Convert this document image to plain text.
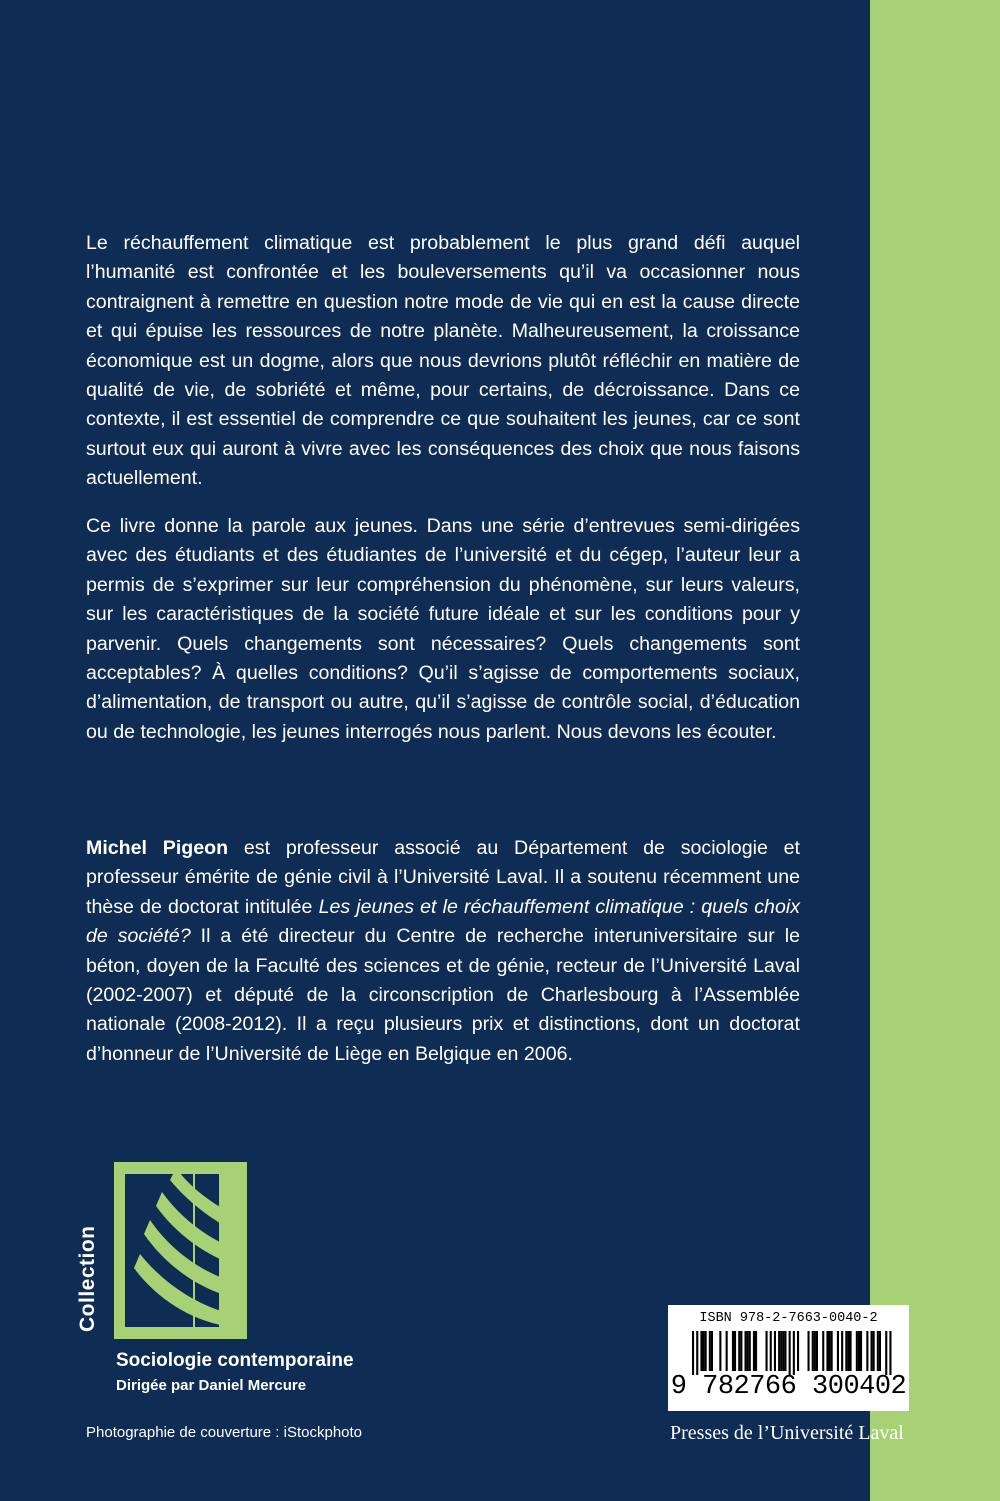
Le réchauffement climatique est probablement le plus grand défi auquel l’humanité est confrontée et les bouleversements qu’il va occasionner nous contraignent à remettre en question notre mode de vie qui en est la cause directe et qui épuise les ressources de notre planète. Malheureusement, la croissance économique est un dogme, alors que nous devrions plutôt réfléchir en matière de qualité de vie, de sobriété et même, pour certains, de décroissance. Dans ce contexte, il est essentiel de comprendre ce que souhaitent les jeunes, car ce sont surtout eux qui auront à vivre avec les conséquences des choix que nous faisons actuellement.

Ce livre donne la parole aux jeunes. Dans une série d’entrevues semi-dirigées avec des étudiants et des étudiantes de l’université et du cégep, l’auteur leur a permis de s’exprimer sur leur compréhension du phénomène, sur leurs valeurs, sur les caractéristiques de la société future idéale et sur les conditions pour y parvenir. Quels changements sont nécessaires? Quels changements sont acceptables? À quelles conditions? Qu’il s’agisse de comportements sociaux, d’alimentation, de transport ou autre, qu’il s’agisse de contrôle social, d’éducation ou de technologie, les jeunes interrogés nous parlent. Nous devons les écouter.

Michel Pigeon est professeur associé au Département de sociologie et professeur émérite de génie civil à l’Université Laval. Il a soutenu récemment une thèse de doctorat intitulée Les jeunes et le réchauffement climatique : quels choix de société? Il a été directeur du Centre de recherche interuniversitaire sur le béton, doyen de la Faculté des sciences et de génie, recteur de l’Université Laval (2002-2007) et député de la circonscription de Charlesbourg à l’Assemblée nationale (2008-2012). Il a reçu plusieurs prix et distinctions, dont un doctorat d’honneur de l’Université de Liège en Belgique en 2006.

Collection
Sociologie contemporaine
Dirigée par Daniel Mercure
Photographie de couverture : iStockphoto
ISBN 978-2-7663-0040-2
9 782766 300402
Presses de l’Université Laval
